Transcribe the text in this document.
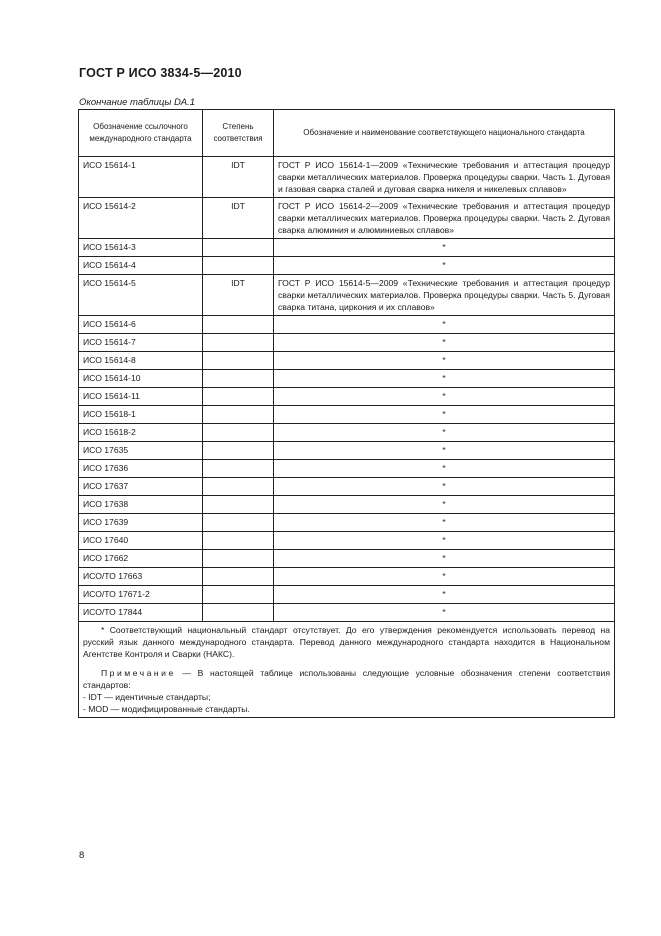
ГОСТ Р ИСО 3834-5—2010
Окончание таблицы DA.1
Обозначение ссылочного международного стандарта	Степень соответствия	Обозначение и наименование соответствующего национального стандарта
ИСО 15614-1	IDT	ГОСТ Р ИСО 15614-1—2009 «Технические требования и аттестация процедур сварки металлических материалов. Проверка процедуры сварки. Часть 1. Дуговая и газовая сварка сталей и дуговая сварка никеля и никелевых сплавов»
ИСО 15614-2	IDT	ГОСТ Р ИСО 15614-2—2009 «Технические требования и аттестация процедур сварки металлических материалов. Проверка процедуры сварки. Часть 2. Дуговая сварка алюминия и алюминиевых сплавов»
ИСО 15614-3		*
ИСО 15614-4		*
ИСО 15614-5	IDT	ГОСТ Р ИСО 15614-5—2009 «Технические требования и аттестация процедур сварки металлических материалов. Проверка процедуры сварки. Часть 5. Дуговая сварка титана, циркония и их сплавов»
ИСО 15614-6		*
ИСО 15614-7		*
ИСО 15614-8		*
ИСО 15614-10		*
ИСО 15614-11		*
ИСО 15618-1		*
ИСО 15618-2		*
ИСО 17635		*
ИСО 17636		*
ИСО 17637		*
ИСО 17638		*
ИСО 17639		*
ИСО 17640		*
ИСО 17662		*
ИСО/ТО 17663		*
ИСО/ТО 17671-2		*
ИСО/ТО 17844		*

* Соответствующий национальный стандарт отсутствует. До его утверждения рекомендуется использовать перевод на русский язык данного международного стандарта. Перевод данного международного стандарта находится в Национальном Агентстве Контроля и Сварки (НАКС).

Примечание — В настоящей таблице использованы следующие условные обозначения степени соответствия стандартов:

- IDT — идентичные стандарты;

- MOD — модифицированные стандарты.		

8
